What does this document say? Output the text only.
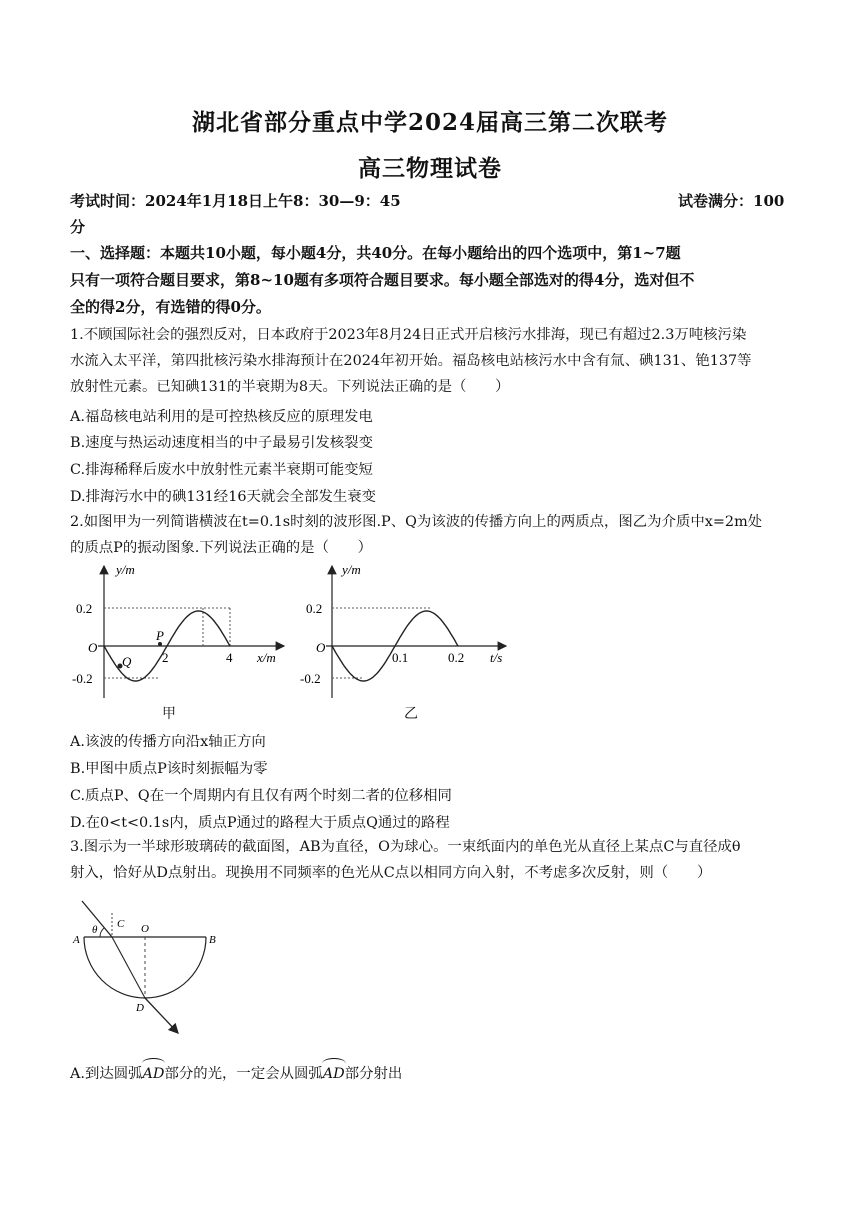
湖北省部分重点中学2024届高三第二次联考
高三物理试卷
考试时间：2024年1月18日上午8：30—9：45	试卷满分：100
分
一、选择题：本题共10小题，每小题4分，共40分。在每小题给出的四个选项中，第1~7题
只有一项符合题目要求，第8~10题有多项符合题目要求。每小题全部选对的得4分，选对但不
全的得2分，有选错的得0分。
1.不顾国际社会的强烈反对，日本政府于2023年8月24日正式开启核污水排海，现已有超过2.3万吨核污染
水流入太平洋，第四批核污染水排海预计在2024年初开始。福岛核电站核污水中含有氚、碘131、铯137等
放射性元素。已知碘131的半衰期为8天。下列说法正确的是（　　）
A.福岛核电站利用的是可控热核反应的原理发电
B.速度与热运动速度相当的中子最易引发核裂变
C.排海稀释后废水中放射性元素半衰期可能变短
D.排海污水中的碘131经16天就会全部发生衰变
2.如图甲为一列简谐横波在t=0.1s时刻的波形图.P、Q为该波的传播方向上的两质点，图乙为介质中x=2m处
的质点P的振动图象.下列说法正确的是（　　）
y/m
x/m
O
0.2
-0.2
2	4
P
Q
甲
y/m
t/s
O
0.2
-0.2
0.1	0.2
乙
A.该波的传播方向沿x轴正方向
B.甲图中质点P该时刻振幅为零
C.质点P、Q在一个周期内有且仅有两个时刻二者的位移相同
D.在0<t<0.1s内，质点P通过的路程大于质点Q通过的路程
3.图示为一半球形玻璃砖的截面图，AB为直径，O为球心。一束纸面内的单色光从直径上某点C与直径成θ
射入，恰好从D点射出。现换用不同频率的色光从C点以相同方向入射，不考虑多次反射，则（　　）
A	B
C O
D
θ
A.到达圆弧AD部分的光，一定会从圆弧AD部分射出
